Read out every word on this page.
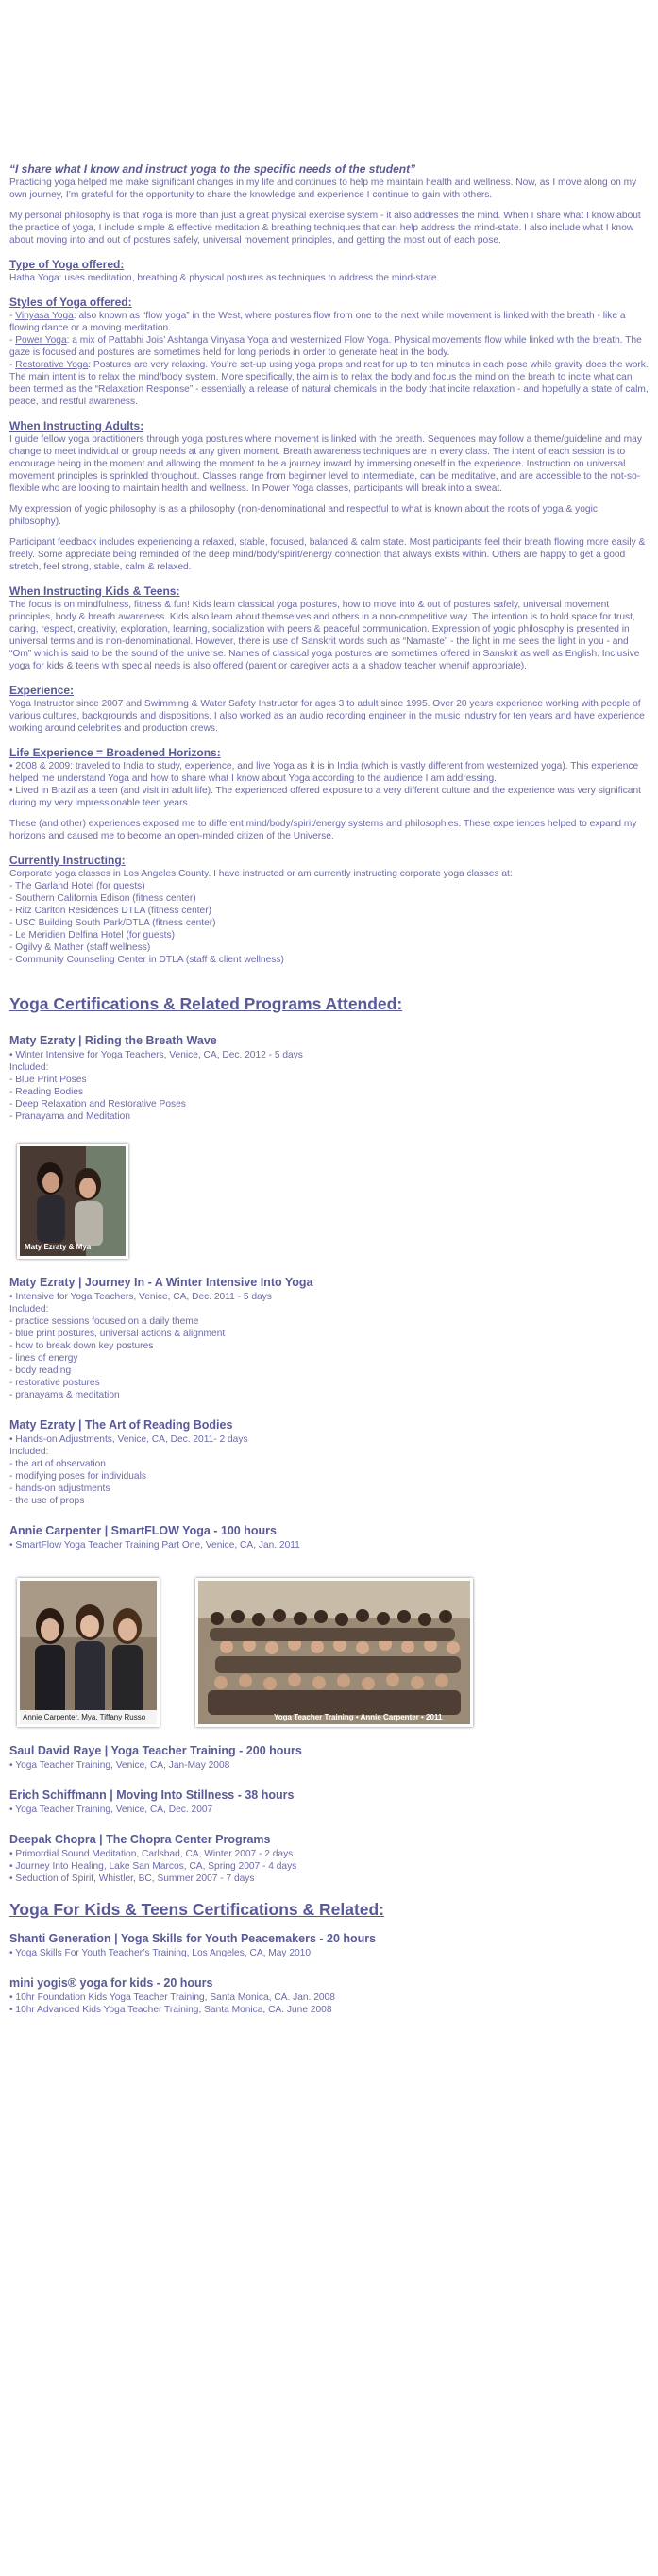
“I share what I know and instruct yoga to the specific needs of the student”

Practicing yoga helped me make significant changes in my life and continues to help me maintain health and wellness. Now, as I move along on my own journey, I’m grateful for the opportunity to share the knowledge and experience I continue to gain with others.

My personal philosophy is that Yoga is more than just a great physical exercise system - it also addresses the mind. When I share what I know about the practice of yoga, I include simple & effective meditation & breathing techniques that can help address the mind-state. I also include what I know about moving into and out of postures safely, universal movement principles, and getting the most out of each pose.

Type of Yoga offered:

Hatha Yoga: uses meditation, breathing & physical postures as techniques to address the mind-state.

Styles of Yoga offered:
- Vinyasa Yoga: also known as “flow yoga” in the West, where postures flow from one to the next while movement is linked with the breath - like a flowing dance or a moving meditation.
- Power Yoga: a mix of Pattabhi Jois’ Ashtanga Vinyasa Yoga and westernized Flow Yoga. Physical movements flow while linked with the breath. The gaze is focused and postures are sometimes held for long periods in order to generate heat in the body.

- Restorative Yoga: Postures are very relaxing. You’re set-up using yoga props and rest for up to ten minutes in each pose while gravity does the work. The main intent is to relax the mind/body system. More specifically, the aim is to relax the body and focus the mind on the breath to incite what can been termed as the “Relaxation Response” - essentially a release of natural chemicals in the body that incite relaxation - and hopefully a state of calm, peace, and restful awareness.

When Instructing Adults:

I guide fellow yoga practitioners through yoga postures where movement is linked with the breath. Sequences may follow a theme/guideline and may change to meet individual or group needs at any given moment. Breath awareness techniques are in every class. The intent of each session is to encourage being in the moment and allowing the moment to be a journey inward by immersing oneself in the experience. Instruction on universal movement principles is sprinkled throughout. Classes range from beginner level to intermediate, can be meditative, and are accessible to the not-so-flexible who are looking to maintain health and wellness. In Power Yoga classes, participants will break into a sweat.

My expression of yogic philosophy is as a philosophy (non-denominational and respectful to what is known about the roots of yoga & yogic philosophy).

Participant feedback includes experiencing a relaxed, stable, focused, balanced & calm state. Most participants feel their breath flowing more easily & freely. Some appreciate being reminded of the deep mind/body/spirit/energy connection that always exists within. Others are happy to get a good stretch, feel strong, stable, calm & relaxed.

When Instructing Kids & Teens:

The focus is on mindfulness, fitness & fun! Kids learn classical yoga postures, how to move into & out of postures safely, universal movement principles, body & breath awareness. Kids also learn about themselves and others in a non-competitive way. The intention is to hold space for trust, caring, respect, creativity, exploration, learning, socialization with peers & peaceful communication. Expression of yogic philosophy is presented in universal terms and is non-denominational. However, there is use of Sanskrit words such as “Namaste” - the light in me sees the light in you - and “Om” which is said to be the sound of the universe. Names of classical yoga postures are sometimes offered in Sanskrit as well as English. Inclusive yoga for kids & teens with special needs is also offered (parent or caregiver acts a a shadow teacher when/if appropriate).

Experience:

Yoga Instructor since 2007 and Swimming & Water Safety Instructor for ages 3 to adult since 1995. Over 20 years experience working with people of various cultures, backgrounds and dispositions. I also worked as an audio recording engineer in the music industry for ten years and have experience working around celebrities and production crews.

Life Experience = Broadened Horizons:
• 2008 & 2009: traveled to India to study, experience, and live Yoga as it is in India (which is vastly different from westernized yoga). This experience helped me understand Yoga and how to share what I know about Yoga according to the audience I am addressing.

• Lived in Brazil as a teen (and visit in adult life). The experienced offered exposure to a very different culture and the experience was very significant during my very impressionable teen years.

These (and other) experiences exposed me to different mind/body/spirit/energy systems and philosophies. These experiences helped to expand my horizons and caused me to become an open-minded citizen of the Universe.

Currently Instructing:
Corporate yoga classes in Los Angeles County. I have instructed or am currently instructing corporate yoga classes at:
- The Garland Hotel (for guests)
- Southern California Edison (fitness center)
- Ritz Carlton Residences DTLA (fitness center)
- USC Building South Park/DTLA (fitness center)
- Le Meridien Delfina Hotel (for guests)
- Ogilvy & Mather (staff wellness)
- Community Counseling Center in DTLA (staff & client wellness)
Yoga Certifications & Related Programs Attended:
Maty Ezraty | Riding the Breath Wave
• Winter Intensive for Yoga Teachers, Venice, CA, Dec. 2012 - 5 days
Included:
- Blue Print Poses
- Reading Bodies
- Deep Relaxation and Restorative Poses
- Pranayama and Meditation
Maty Ezraty & Mya
Maty Ezraty | Journey In - A Winter Intensive Into Yoga
• Intensive for Yoga Teachers, Venice, CA, Dec. 2011 - 5 days
Included:
- practice sessions focused on a daily theme
- blue print postures, universal actions & alignment
- how to break down key postures
- lines of energy
- body reading
- restorative postures
- pranayama & meditation
Maty Ezraty | The Art of Reading Bodies
• Hands-on Adjustments, Venice, CA, Dec. 2011- 2 days
Included:
- the art of observation
- modifying poses for individuals
- hands-on adjustments
- the use of props
Annie Carpenter | SmartFLOW Yoga - 100 hours
• SmartFlow Yoga Teacher Training Part One, Venice, CA, Jan. 2011
Annie Carpenter, Mya, Tiffany Russo	Yoga Teacher Training • Annie Carpenter • 2011
Saul David Raye | Yoga Teacher Training - 200 hours
• Yoga Teacher Training, Venice, CA, Jan-May 2008
Erich Schiffmann | Moving Into Stillness - 38 hours
• Yoga Teacher Training, Venice, CA, Dec. 2007
Deepak Chopra | The Chopra Center Programs
• Primordial Sound Meditation, Carlsbad, CA, Winter 2007 - 2 days
• Journey Into Healing, Lake San Marcos, CA, Spring 2007 - 4 days
• Seduction of Spirit, Whistler, BC, Summer 2007 - 7 days
Yoga For Kids & Teens Certifications & Related:
Shanti Generation | Yoga Skills for Youth Peacemakers - 20 hours
• Yoga Skills For Youth Teacher’s Training, Los Angeles, CA, May 2010
mini yogis® yoga for kids - 20 hours
• 10hr Foundation Kids Yoga Teacher Training, Santa Monica, CA. Jan. 2008
• 10hr Advanced Kids Yoga Teacher Training, Santa Monica, CA. June 2008
